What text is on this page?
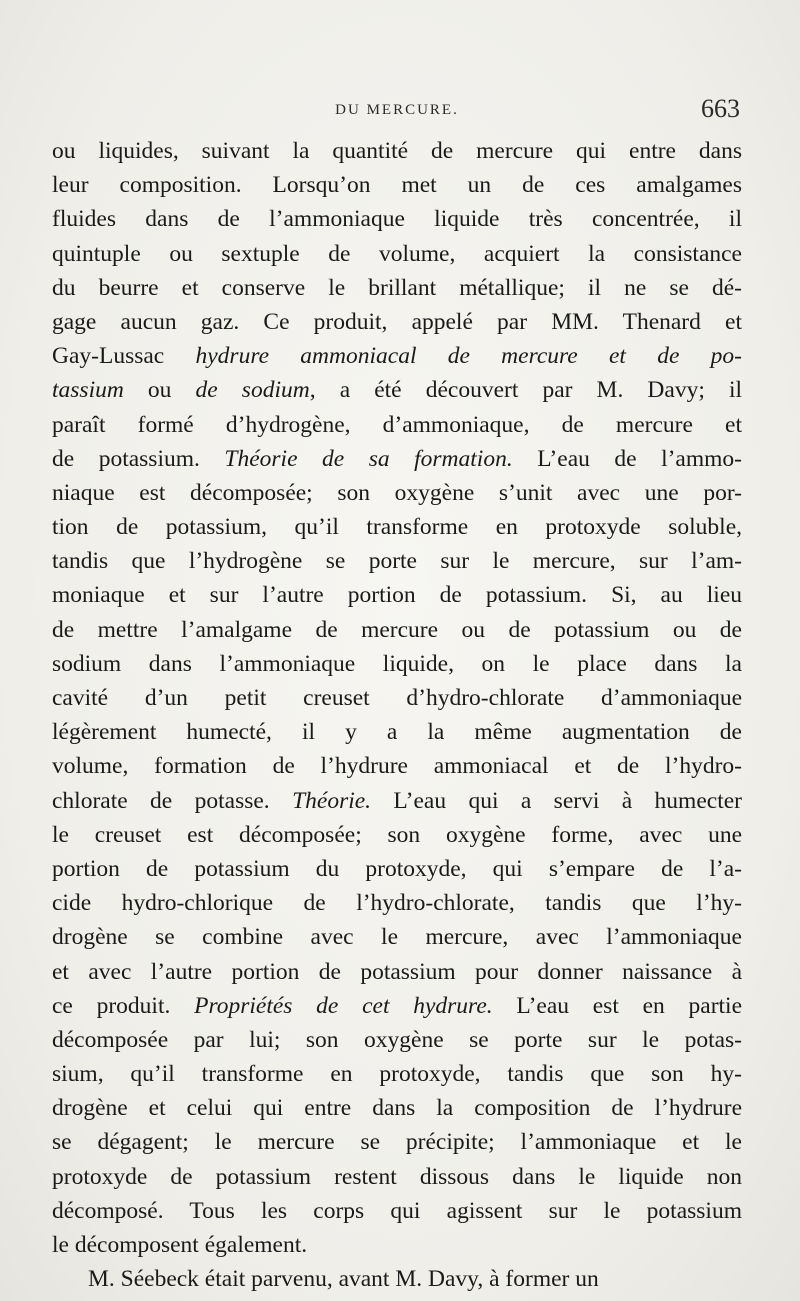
DU MERCURE.	663
ou liquides, suivant la quantité de mercure qui entre dans
leur composition. Lorsqu’on met un de ces amalgames
fluides dans de l’ammoniaque liquide très concentrée, il
quintuple ou sextuple de volume, acquiert la consistance
du beurre et conserve le brillant métallique; il ne se dé-
gage aucun gaz. Ce produit, appelé par MM. Thenard et
Gay-Lussac hydrure ammoniacal de mercure et de po-
tassium ou de sodium, a été découvert par M. Davy; il
paraît formé d’hydrogène, d’ammoniaque, de mercure et
de potassium. Théorie de sa formation. L’eau de l’ammo-
niaque est décomposée; son oxygène s’unit avec une por-
tion de potassium, qu’il transforme en protoxyde soluble,
tandis que l’hydrogène se porte sur le mercure, sur l’am-
moniaque et sur l’autre portion de potassium. Si, au lieu
de mettre l’amalgame de mercure ou de potassium ou de
sodium dans l’ammoniaque liquide, on le place dans la
cavité d’un petit creuset d’hydro-chlorate d’ammoniaque
légèrement humecté, il y a la même augmentation de
volume, formation de l’hydrure ammoniacal et de l’hydro-
chlorate de potasse. Théorie. L’eau qui a servi à humecter
le creuset est décomposée; son oxygène forme, avec une
portion de potassium du protoxyde, qui s’empare de l’a-
cide hydro-chlorique de l’hydro-chlorate, tandis que l’hy-
drogène se combine avec le mercure, avec l’ammoniaque
et avec l’autre portion de potassium pour donner naissance à
ce produit. Propriétés de cet hydrure. L’eau est en partie
décomposée par lui; son oxygène se porte sur le potas-
sium, qu’il transforme en protoxyde, tandis que son hy-
drogène et celui qui entre dans la composition de l’hydrure
se dégagent; le mercure se précipite; l’ammoniaque et le
protoxyde de potassium restent dissous dans le liquide non
décomposé. Tous les corps qui agissent sur le potassium
le décomposent également.
M. Séebeck était parvenu, avant M. Davy, à former un
